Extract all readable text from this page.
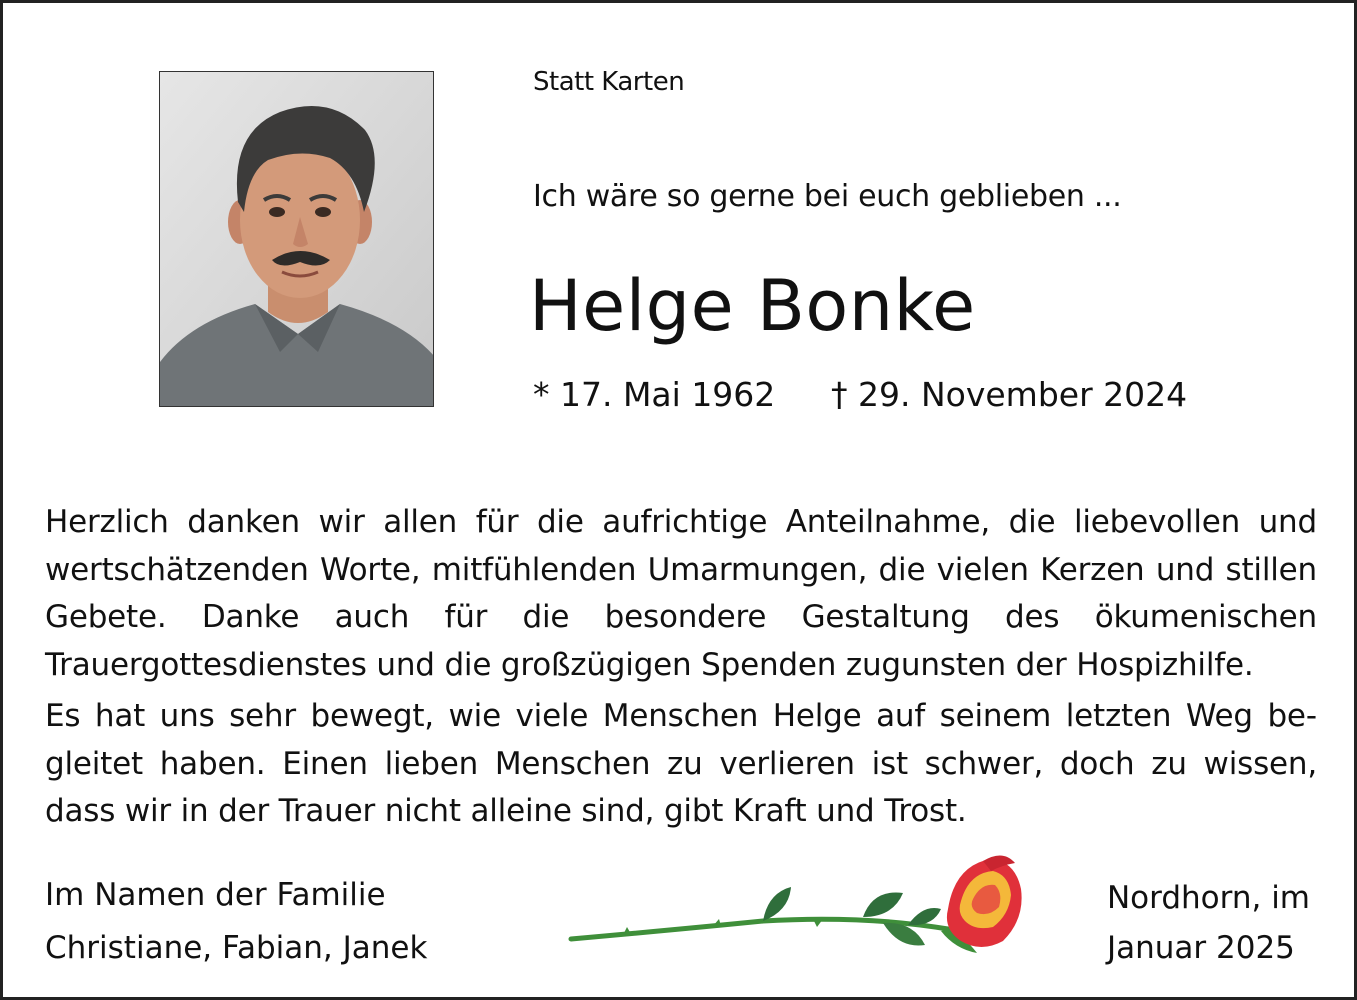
Statt Karten
Ich wäre so gerne bei euch geblieben ...
Helge Bonke
* 17. Mai 1962 † 29. November 2024

Herzlich danken wir allen für die aufrichtige Anteilnahme, die liebevollen und wertschätzenden Worte, mitfühlenden Umarmungen, die vielen Kerzen und stillen Gebete. Danke auch für die besondere Gestaltung des ökumenischen Trauergottesdienstes und die großzügigen Spenden zugunsten der Hospizhilfe.

Es hat uns sehr bewegt, wie viele Menschen Helge auf seinem letzten Weg begleitet haben. Einen lieben Menschen zu verlieren ist schwer, doch zu wissen, dass wir in der Trauer nicht alleine sind, gibt Kraft und Trost.

Im Namen der Familie
Christiane, Fabian, Janek
Nordhorn, im
Januar 2025
